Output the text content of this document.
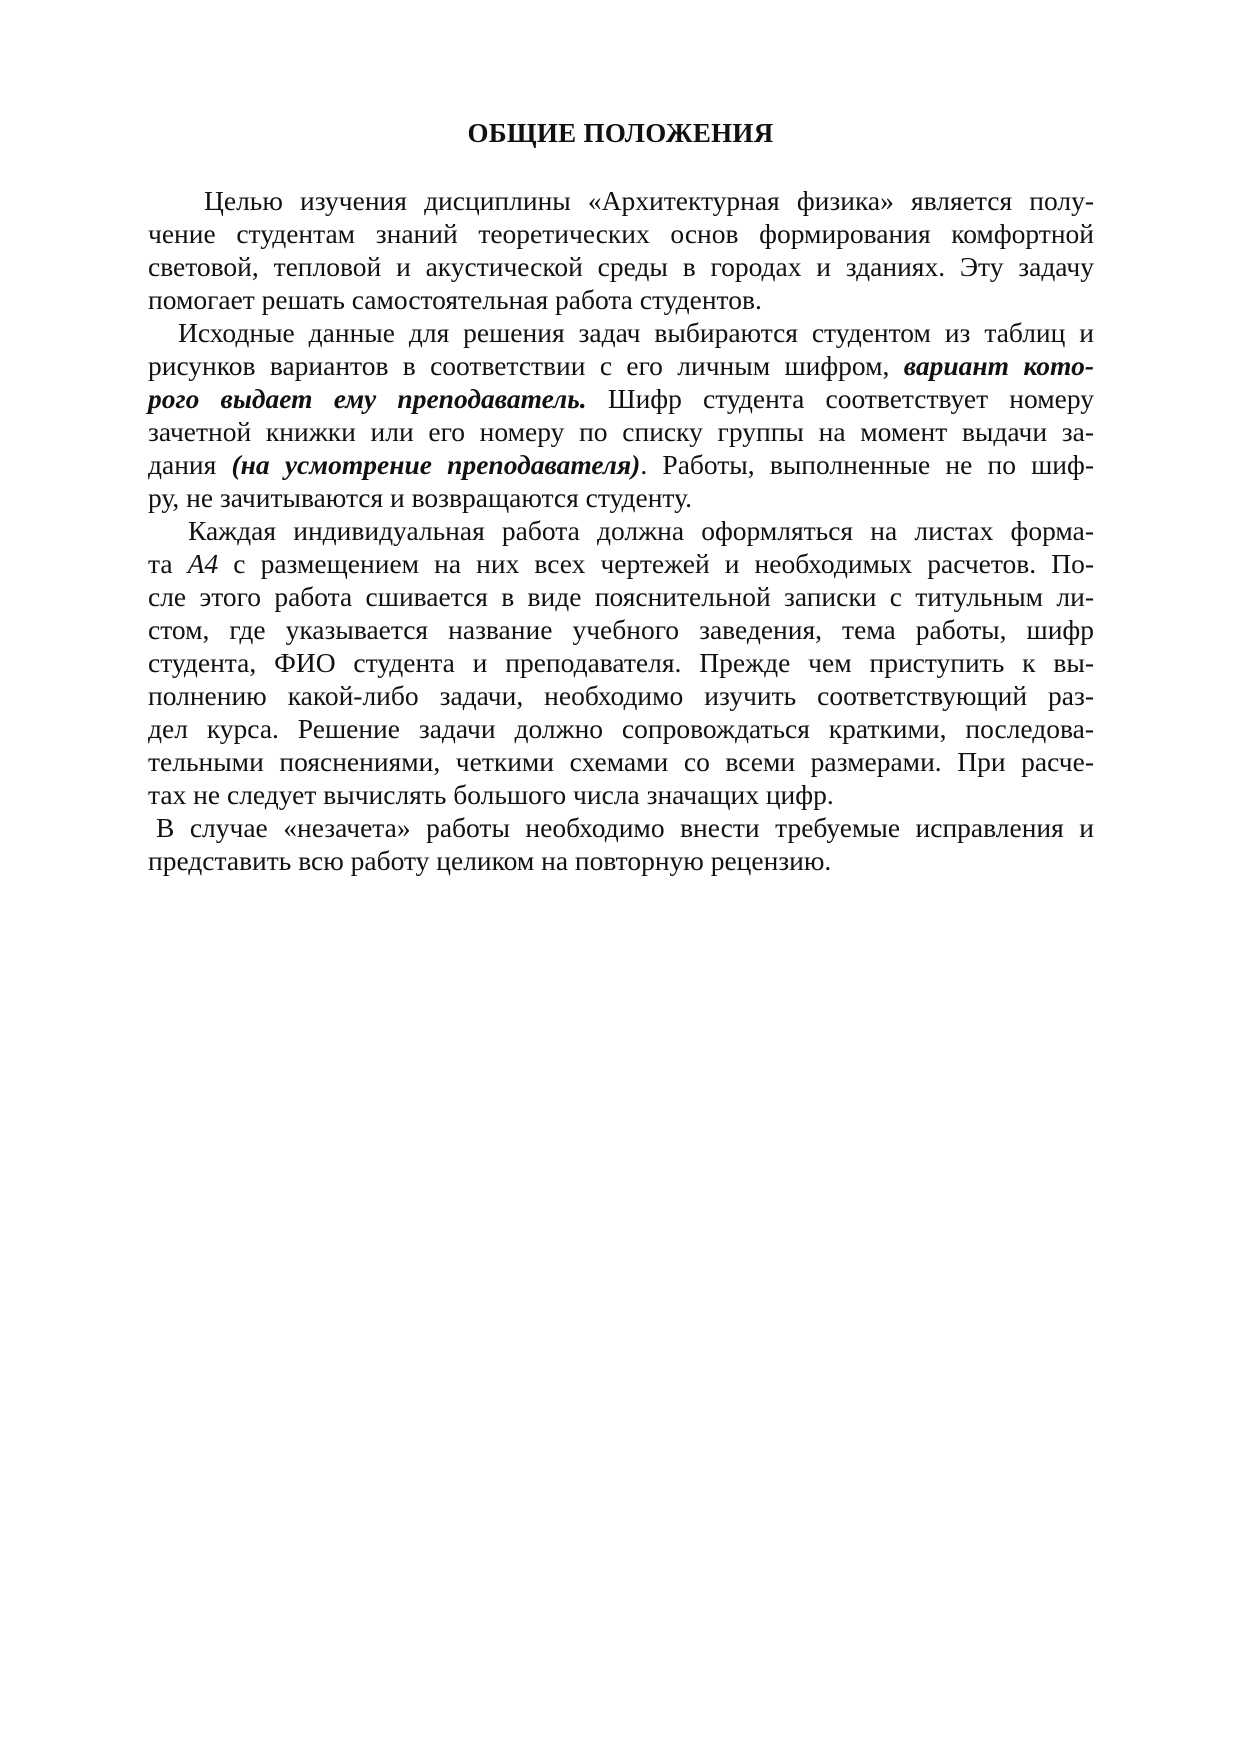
ОБЩИЕ ПОЛОЖЕНИЯ
Целью изучения дисциплины «Архитектурная физика» является полу-
чение студентам знаний теоретических основ формирования комфортной
световой, тепловой и акустической среды в городах и зданиях. Эту задачу
помогает решать самостоятельная работа студентов.
Исходные данные для решения задач выбираются студентом из таблиц и
рисунков вариантов в соответствии с его личным шифром, вариант кото-
рого выдает ему преподаватель. Шифр студента соответствует номеру
зачетной книжки или его номеру по списку группы на момент выдачи за-
дания (на усмотрение преподавателя). Работы, выполненные не по шиф-
ру, не зачитываются и возвращаются студенту.
Каждая индивидуальная работа должна оформляться на листах форма-
та А4 с размещением на них всех чертежей и необходимых расчетов. По-
сле этого работа сшивается в виде пояснительной записки с титульным ли-
стом, где указывается название учебного заведения, тема работы, шифр
студента, ФИО студента и преподавателя. Прежде чем приступить к вы-
полнению какой-либо задачи, необходимо изучить соответствующий раз-
дел курса. Решение задачи должно сопровождаться краткими, последова-
тельными пояснениями, четкими схемами со всеми размерами. При расче-
тах не следует вычислять большого числа значащих цифр.
В случае «незачета» работы необходимо внести требуемые исправления и
представить всю работу целиком на повторную рецензию.
